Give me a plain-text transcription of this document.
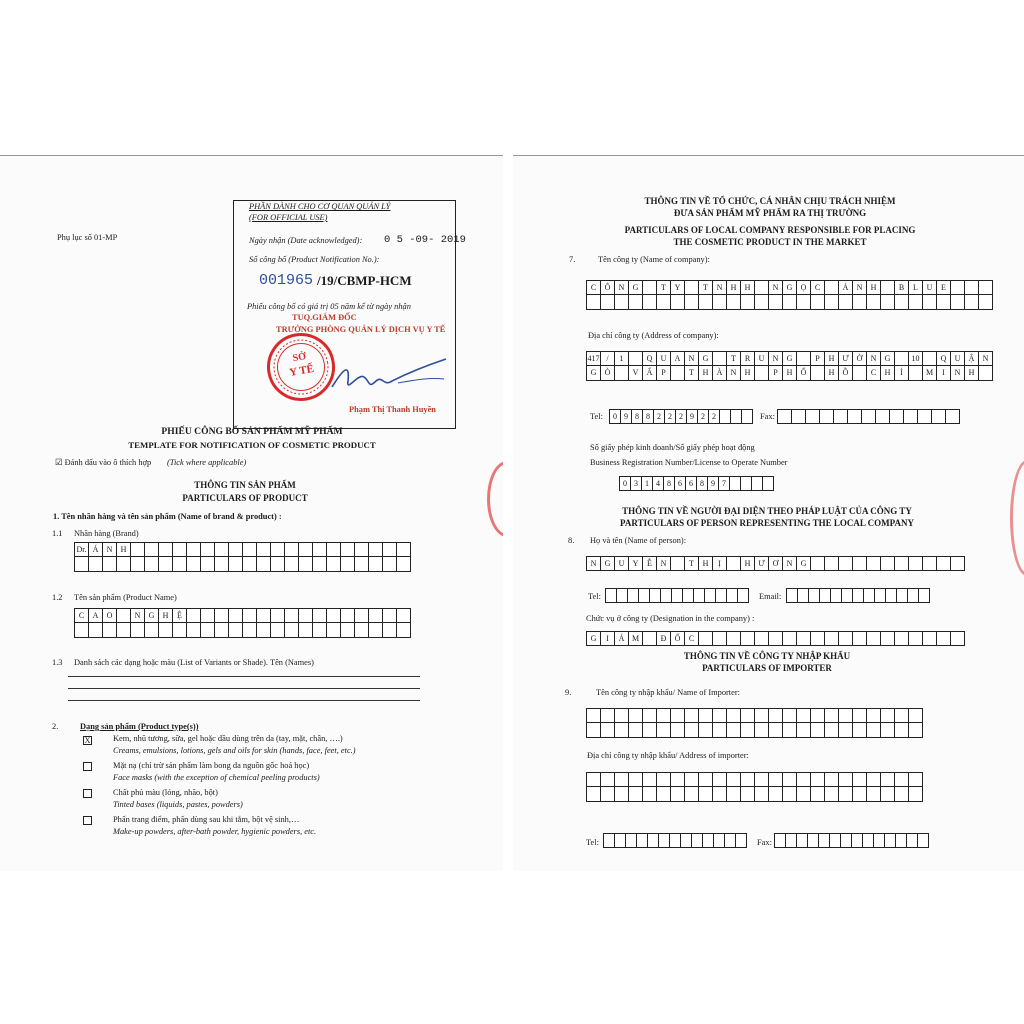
Phụ lục số 01-MP
PHẦN DÀNH CHO CƠ QUAN QUẢN LÝ
(FOR OFFICIAL USE)
Ngày nhận (Date acknowledged): 0 5 -09- 2019
Số công bố (Product Notification No.):
001965 /19/CBMP-HCM
Phiếu công bố có giá trị 05 năm kể từ ngày nhận
TUQ.GIÁM ĐỐC
TRƯỞNG PHÒNG QUẢN LÝ DỊCH VỤ Y TẾ
Phạm Thị Thanh Huyền
SỞ
Y TẾ
PHIẾU CÔNG BỐ SẢN PHẨM MỸ PHẨM
TEMPLATE FOR NOTIFICATION OF COSMETIC PRODUCT
☑ Đánh dấu vào ô thích hợp (Tick where applicable)
THÔNG TIN SẢN PHẨM
PARTICULARS OF PRODUCT
1. Tên nhãn hàng và tên sản phẩm (Name of brand & product) :
1.1 Nhãn hàng (Brand)
Dr. Á	N	H
1.2 Tên sản phẩm (Product Name)
C	A	O	N	G	H	Ệ
1.3 Danh sách các dạng hoặc màu (List of Variants or Shade). Tên (Names)
2.	Dạng sản phẩm (Product type(s))
X	Kem, nhũ tương, sữa, gel hoặc dầu dùng trên da (tay, mặt, chân, ….)
Creams, emulsions, lotions, gels and oils for skin (hands, face, feet, etc.)
Mặt nạ (chỉ trừ sản phẩm làm bong da nguồn gốc hoá học)
Face masks (with the exception of chemical peeling products)
Chất phủ màu (lỏng, nhão, bột)
Tinted bases (liquids, pastes, powders)
Phấn trang điểm, phấn dùng sau khi tắm, bột vệ sinh,…
Make-up powders, after-bath powder, hygienic powders, etc.
THÔNG TIN VỀ TỔ CHỨC, CÁ NHÂN CHỊU TRÁCH NHIỆM
ĐƯA SẢN PHẨM MỸ PHẨM RA THỊ TRƯỜNG
PARTICULARS OF LOCAL COMPANY RESPONSIBLE FOR PLACING
THE COSMETIC PRODUCT IN THE MARKET
7.	Tên công ty (Name of company):
C	Ô	N	G	T	Y	T	N	H	H	N	G	Ọ	C	Á	N	H	B	L	U	E
Địa chỉ công ty (Address of company):
417 /	1	Q	U	A	N	G	T	R	U	N	G	P	H	Ư	Ờ	N	G	10	Q	U	Ậ	N
G	Ò	V	Ấ	P	T	H	À	N	H	P	H	Ố	H	Ồ	C	H	Í	M	I	N	H
Tel:	0 9 8 8 2 2 2 9 2 2	Fax:
Số giấy phép kinh doanh/Số giấy phép hoạt động
Business Registration Number/License to Operate Number
0 3 1 4 8 6 6 8 9 7
THÔNG TIN VỀ NGƯỜI ĐẠI DIỆN THEO PHÁP LUẬT CỦA CÔNG TY
PARTICULARS OF PERSON REPRESENTING THE LOCAL COMPANY
8. Họ và tên (Name of person):
N	G	U	Y	Ễ	N	T	H	Ị	H	Ư	Ơ	N	G
Tel:	Email:
Chức vụ ở công ty (Designation in the company) :
G	I	Á M	Đ	Ố	C
THÔNG TIN VỀ CÔNG TY NHẬP KHẨU
PARTICULARS OF IMPORTER
9.	Tên công ty nhập khẩu/ Name of Importer:
Địa chỉ công ty nhập khẩu/ Address of importer:
Tel:	Fax:
